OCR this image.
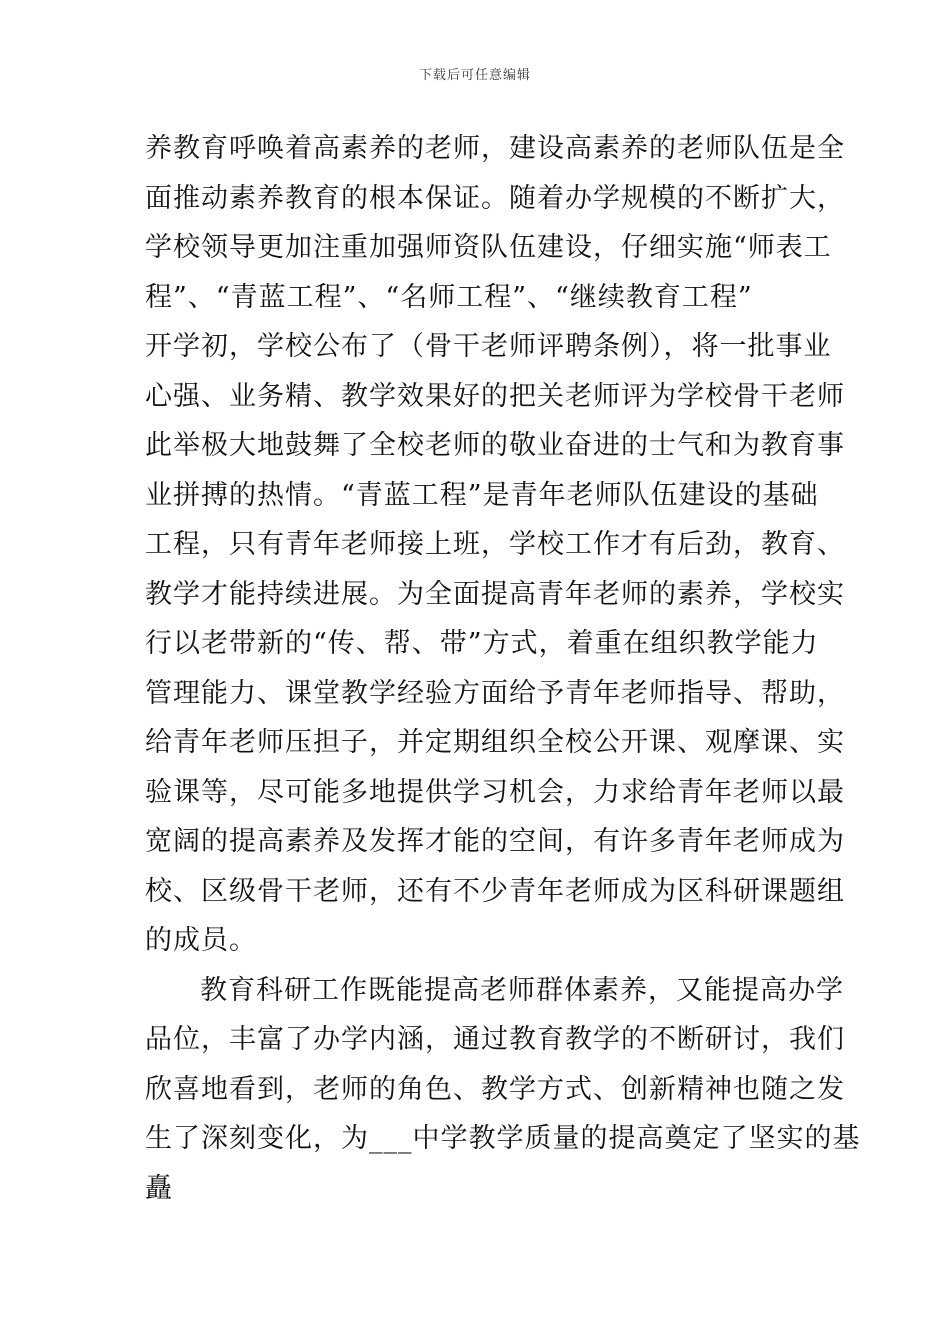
下载后可任意编辑
养教育呼唤着高素养的老师，建设高素养的老师队伍是全
面推动素养教育的根本保证。随着办学规模的不断扩大，
学校领导更加注重加强师资队伍建设，仔细实施“师表工
程”、“青蓝工程”、“名师工程”、“继续教育工程”
开学初，学校公布了（骨干老师评聘条例），将一批事业
心强、业务精、教学效果好的把关老师评为学校骨干老师
此举极大地鼓舞了全校老师的敬业奋进的士气和为教育事
业拼搏的热情。“青蓝工程”是青年老师队伍建设的基础
工程，只有青年老师接上班，学校工作才有后劲，教育、
教学才能持续进展。为全面提高青年老师的素养，学校实
行以老带新的“传、帮、带”方式，着重在组织教学能力
管理能力、课堂教学经验方面给予青年老师指导、帮助，
给青年老师压担子，并定期组织全校公开课、观摩课、实
验课等，尽可能多地提供学习机会，力求给青年老师以最
宽阔的提高素养及发挥才能的空间，有许多青年老师成为
校、区级骨干老师，还有不少青年老师成为区科研课题组
的成员。
教育科研工作既能提高老师群体素养，又能提高办学
品位，丰富了办学内涵，通过教育教学的不断研讨，我们
欣喜地看到，老师的角色、教学方式、创新精神也随之发
生了深刻变化，为___中学教学质量的提高奠定了坚实的基
矗
